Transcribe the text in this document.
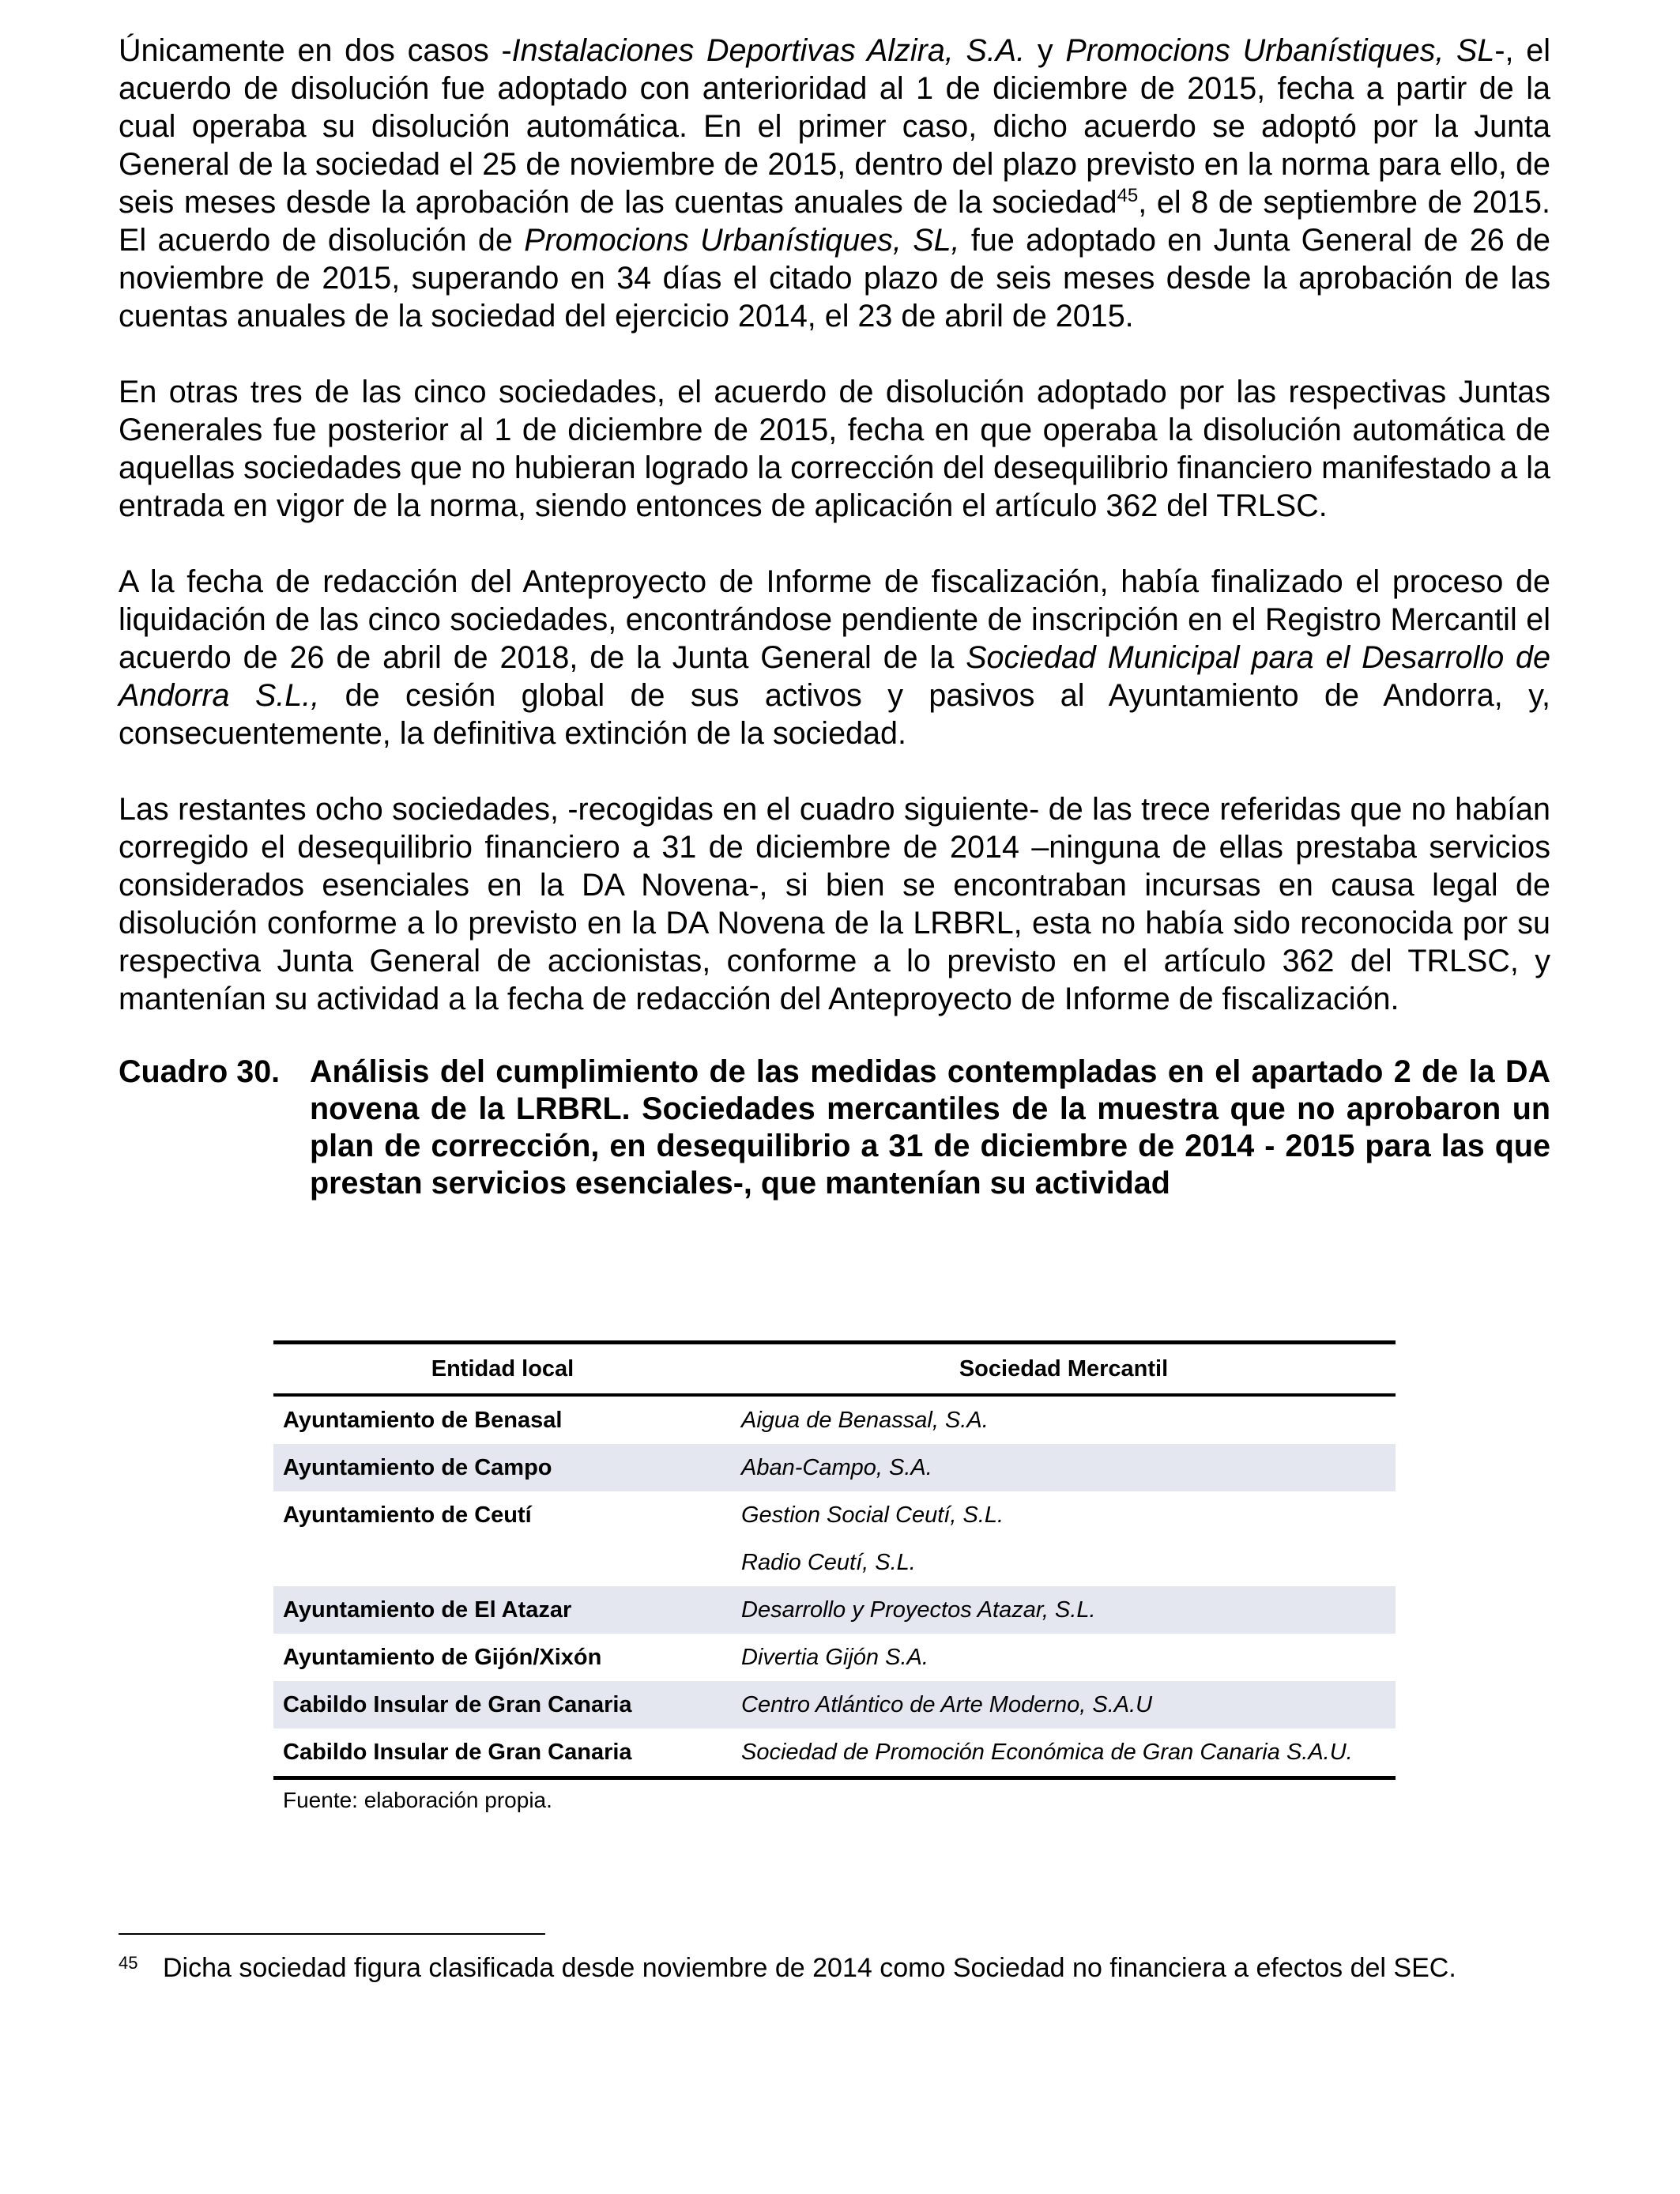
Únicamente en dos casos -Instalaciones Deportivas Alzira, S.A. y Promocions Urbanístiques, SL-, el acuerdo de disolución fue adoptado con anterioridad al 1 de diciembre de 2015, fecha a partir de la cual operaba su disolución automática. En el primer caso, dicho acuerdo se adoptó por la Junta General de la sociedad el 25 de noviembre de 2015, dentro del plazo previsto en la norma para ello, de seis meses desde la aprobación de las cuentas anuales de la sociedad$^{45}$, el 8 de septiembre de 2015. El acuerdo de disolución de Promocions Urbanístiques, SL, fue adoptado en Junta General de 26 de noviembre de 2015, superando en 34 días el citado plazo de seis meses desde la aprobación de las cuentas anuales de la sociedad del ejercicio 2014, el 23 de abril de 2015.

En otras tres de las cinco sociedades, el acuerdo de disolución adoptado por las respectivas Juntas Generales fue posterior al 1 de diciembre de 2015, fecha en que operaba la disolución automática de aquellas sociedades que no hubieran logrado la corrección del desequilibrio financiero manifestado a la entrada en vigor de la norma, siendo entonces de aplicación el artículo 362 del TRLSC.

A la fecha de redacción del Anteproyecto de Informe de fiscalización, había finalizado el proceso de liquidación de las cinco sociedades, encontrándose pendiente de inscripción en el Registro Mercantil el acuerdo de 26 de abril de 2018, de la Junta General de la Sociedad Municipal para el Desarrollo de Andorra S.L., de cesión global de sus activos y pasivos al Ayuntamiento de Andorra, y, consecuentemente, la definitiva extinción de la sociedad.

Las restantes ocho sociedades, -recogidas en el cuadro siguiente- de las trece referidas que no habían corregido el desequilibrio financiero a 31 de diciembre de 2014 –ninguna de ellas prestaba servicios considerados esenciales en la DA Novena-, si bien se encontraban incursas en causa legal de disolución conforme a lo previsto en la DA Novena de la LRBRL, esta no había sido reconocida por su respectiva Junta General de accionistas, conforme a lo previsto en el artículo 362 del TRLSC, y mantenían su actividad a la fecha de redacción del Anteproyecto de Informe de fiscalización.

Cuadro 30. Análisis del cumplimiento de las medidas contempladas en el apartado 2 de la DA novena de la LRBRL. Sociedades mercantiles de la muestra que no aprobaron un plan de corrección, en desequilibrio a 31 de diciembre de 2014 - 2015 para las que prestan servicios esenciales-, que mantenían su actividad
Entidad local	Sociedad Mercantil
Ayuntamiento de Benasal	Aigua de Benassal, S.A.
Ayuntamiento de Campo	Aban-Campo, S.A.
Ayuntamiento de Ceutí	Gestion Social Ceutí, S.L.
	Radio Ceutí, S.L.
Ayuntamiento de El Atazar	Desarrollo y Proyectos Atazar, S.L.
Ayuntamiento de Gijón/Xixón	Divertia Gijón S.A.
Cabildo Insular de Gran Canaria	Centro Atlántico de Arte Moderno, S.A.U
Cabildo Insular de Gran Canaria	Sociedad de Promoción Económica de Gran Canaria S.A.U.
Fuente: elaboración propia.
45 Dicha sociedad figura clasificada desde noviembre de 2014 como Sociedad no financiera a efectos del SEC.
